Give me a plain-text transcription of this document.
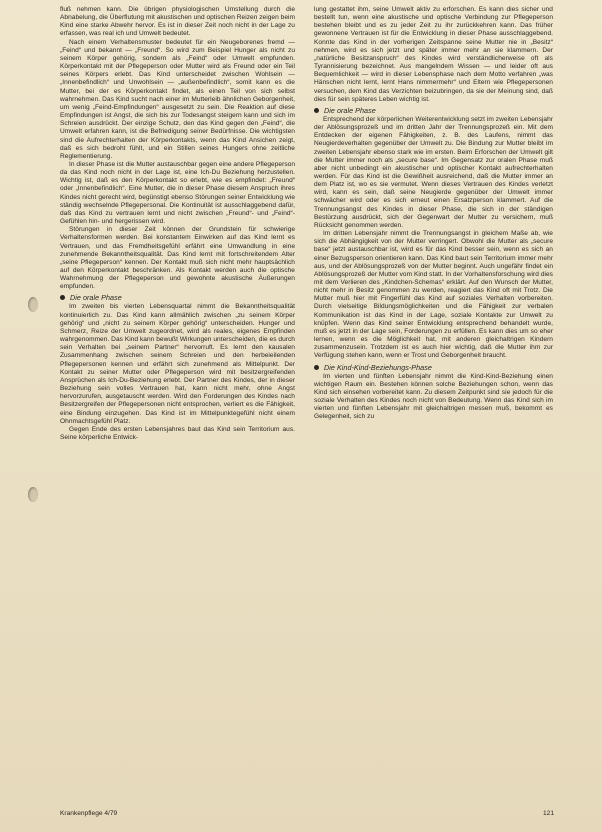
fluß nehmen kann. Die übrigen physiologischen Umstellung durch die Abnabelung, die Überflutung mit akustischen und optischen Reizen zeigen beim Kind eine starke Abwehr hervor. Es ist in dieser Zeit noch nicht in der Lage zu erfassen, was real ich und Umwelt bedeutet.

Nach einem Verhaltensmuster bedeutet für ein Neugeborenes fremd — „Feind“ und bekannt — „Freund“. So wird zum Beispiel Hunger als nicht zu seinem Körper gehörig, sondern als „Feind“ oder Umwelt empfunden. Körperkontakt mit der Pflegeperson oder Mutter wird als Freund oder ein Teil seines Körpers erlebt. Das Kind unterscheidet zwischen Wohlsein — „Innenbefindlich“ und Unwohlsein — „außenbefindlich“, somit kann es die Mutter, bei der es Körperkontakt findet, als einen Teil von sich selbst wahrnehmen. Das Kind sucht nach einer im Mutterleib ähnlichen Geborgenheit, um wenig „Feind-Empfindungen“ ausgesetzt zu sein. Die Reaktion auf diese Empfindungen ist Angst, die sich bis zur Todesangst steigern kann und sich im Schreien ausdrückt. Der einzige Schutz, den das Kind gegen den „Feind“, die Umwelt erfahren kann, ist die Befriedigung seiner Bedürfnisse. Die wichtigsten sind die Aufrechterhalten der Körperkontakts, wenn das Kind Ansichen zeigt, daß es sich bedroht fühlt, und ein Stillen seines Hungers ohne zeitliche Reglementierung.

In dieser Phase ist die Mutter austauschbar gegen eine andere Pflegeperson da das Kind noch nicht in der Lage ist, eine Ich-Du Beziehung herzustellen. Wichtig ist, daß es den Körperkontakt so erlebt, wie es empfindet: „Freund“ oder „Innenbefindlich“. Eine Mutter, die in dieser Phase diesem Anspruch ihres Kindes nicht gerecht wird, begünstigt ebenso Störungen seiner Entwicklung wie ständig wechselnde Pflegepersonal. Die Kontinuität ist ausschlaggebend dafür, daß das Kind zu vertrauen lernt und nicht zwischen „Freund“- und „Feind“-Gefühlen hin- und hergerissen wird.

Störungen in dieser Zeit können der Grundstein für schwierige Verhaltensformen werden. Bei konstantem Einwirken auf das Kind lernt es Vertrauen, und das Fremdheitsgefühl erfährt eine Umwandlung in eine zunehmende Bekanntheitsqualität. Das Kind lernt mit fortschreitendem Alter „seine Pflegeperson“ kennen. Der Kontakt muß sich nicht mehr hauptsächlich auf den Körperkontakt beschränken. Als Kontakt werden auch die optische Wahrnehmung der Pflegeperson und gewohnte akustische Äußerungen empfunden.

Die orale Phase

Im zweiten bis vierten Lebensquartal nimmt die Bekanntheitsqualität kontinuierlich zu. Das Kind kann allmählich zwischen „zu seinem Körper gehörig“ und „nicht zu seinem Körper gehörig“ unterscheiden. Hunger und Schmerz, Reize der Umwelt zugeordnet, wird als reales, eigenes Empfinden wahrgenommen. Das Kind kann bewußt Wirkungen unterscheiden, die es durch sein Verhalten bei „seinem Partner“ hervorruft. Es lernt den kausalen Zusammenhang zwischen seinem Schreien und den herbeieilenden Pflegepersonen kennen und erfährt sich zunehmend als Mittelpunkt. Der Kontakt zu seiner Mutter oder Pflegeperson wird mit besitzergreifenden Ansprüchen als Ich-Du-Beziehung erlebt. Der Partner des Kindes, der in dieser Beziehung sein volles Vertrauen hat, kann nicht mehr, ohne Angst hervorzurufen, ausgetauscht werden. Wird den Forderungen des Kindes nach Besitzergreifen der Pflegepersonen nicht entsprochen, verliert es die Fähigkeit, eine Bindung einzugehen. Das Kind ist im Mittelpunktegefühl nicht einem Ohnmachtsgefühl Platz.

Gegen Ende des ersten Lebensjahres baut das Kind sein Territorium aus. Seine körperliche Entwick-

lung gestattet ihm, seine Umwelt aktiv zu erforschen. Es kann dies sicher und bestellt tun, wenn eine akustische und optische Verbindung zur Pflegeperson bestehen bleibt und es zu jeder Zeit zu ihr zurückkehren kann. Das früher gewonnene Vertrauen ist für die Entwicklung in dieser Phase ausschlaggebend. Konnte das Kind in der vorherigen Zeitspanne seine Mutter nie in „Besitz“ nehmen, wird es sich jetzt und später immer mehr an sie klammern. Der „natürliche Besitzanspruch“ des Kindes wird verständlicherweise oft als Tyrannisierung bezeichnet. Aus mangelndem Wissen — und leider oft aus Bequemlichkeit — wird in dieser Lebensphase nach dem Motto verfahren „was Hänschen nicht lernt, lernt Hans nimmermehr“ und Eltern wie Pflegepersonen versuchen, dem Kind das Verzichten beizubringen, da sie der Meinung sind, daß dies für sein späteres Leben wichtig ist.

Die orale Phase

Entsprechend der körperlichen Weiterentwicklung setzt im zweiten Lebensjahr der Ablösungsprozeß und im dritten Jahr der Trennungsprozeß ein. Mit dem Entdecken der eigenen Fähigkeiten, z. B. des Laufens, nimmt das Neugierdeverhalten gegenüber der Umwelt zu. Die Bindung zur Mutter bleibt im zweiten Lebensjahr ebenso stark wie im ersten. Beim Erforschen der Umwelt gilt die Mutter immer noch als „secure base“. Im Gegensatz zur oralen Phase muß aber nicht unbedingt ein akustischer und optischer Kontakt aufrechterhalten werden. Für das Kind ist die Gewißheit ausreichend, daß die Mutter immer an dem Platz ist, wo es sie vermutet. Wenn dieses Vertrauen des Kindes verletzt wird, kann es sein, daß seine Neugierde gegenüber der Umwelt immer schwächer wird oder es sich erneut einen Ersatzperson klammert. Auf die Trennungsangst des Kindes in dieser Phase, die sich in der ständigen Bestürzung ausdrückt, sich der Gegenwart der Mutter zu versichern, muß Rücksicht genommen werden.

Im dritten Lebensjahr nimmt die Trennungsangst in gleichem Maße ab, wie sich die Abhängigkeit von der Mutter verringert. Obwohl die Mutter als „secure base“ jetzt austauschbar ist, wird es für das Kind besser sein, wenn es sich an einer Bezugsperson orientieren kann. Das Kind baut sein Territorium immer mehr aus, und der Ablösungsprozeß von der Mutter beginnt. Auch ungefähr findet ein Ablösungsprozeß der Mutter vom Kind statt. In der Vorhaltensforschung wird dies mit dem Verlieren des „Kindchen-Schemas“ erklärt. Auf den Wunsch der Mutter, nicht mehr in Besitz genommen zu werden, reagiert das Kind oft mit Trotz. Die Mutter muß hier mit Fingerfühl das Kind auf soziales Verhalten vorbereiten. Durch vielseitige Bildungsmöglichkeiten und die Fähigkeit zur verbalen Kommunikation ist das Kind in der Lage, soziale Kontakte zur Umwelt zu knüpfen. Wenn das Kind seiner Entwicklung entsprechend behandelt wurde, muß es jetzt in der Lage sein, Forderungen zu erfüllen. Es kann dies um so eher lernen, wenn es die Möglichkeit hat, mit anderen gleichaltrigen Kindern zusammenzusein. Trotzdem ist es auch hier wichtig, daß die Mutter ihm zur Verfügung stehen kann, wenn er Trost und Geborgenheit braucht.

Die Kind-Kind-Beziehungs-Phase

Im vierten und fünften Lebensjahr nimmt die Kind-Kind-Beziehung einen wichtigen Raum ein. Bestehen können solche Beziehungen schon, wenn das Kind sich einsehen vorbereitet kann. Zu diesem Zeitpunkt sind sie jedoch für die soziale Verhalten des Kindes noch nicht von Bedeutung. Wenn das Kind sich im vierten und fünften Lebensjahr mit gleichaltrigen messen muß, bekommt es Gelegenheit, sich zu

Krankenpflege 4/79	121
